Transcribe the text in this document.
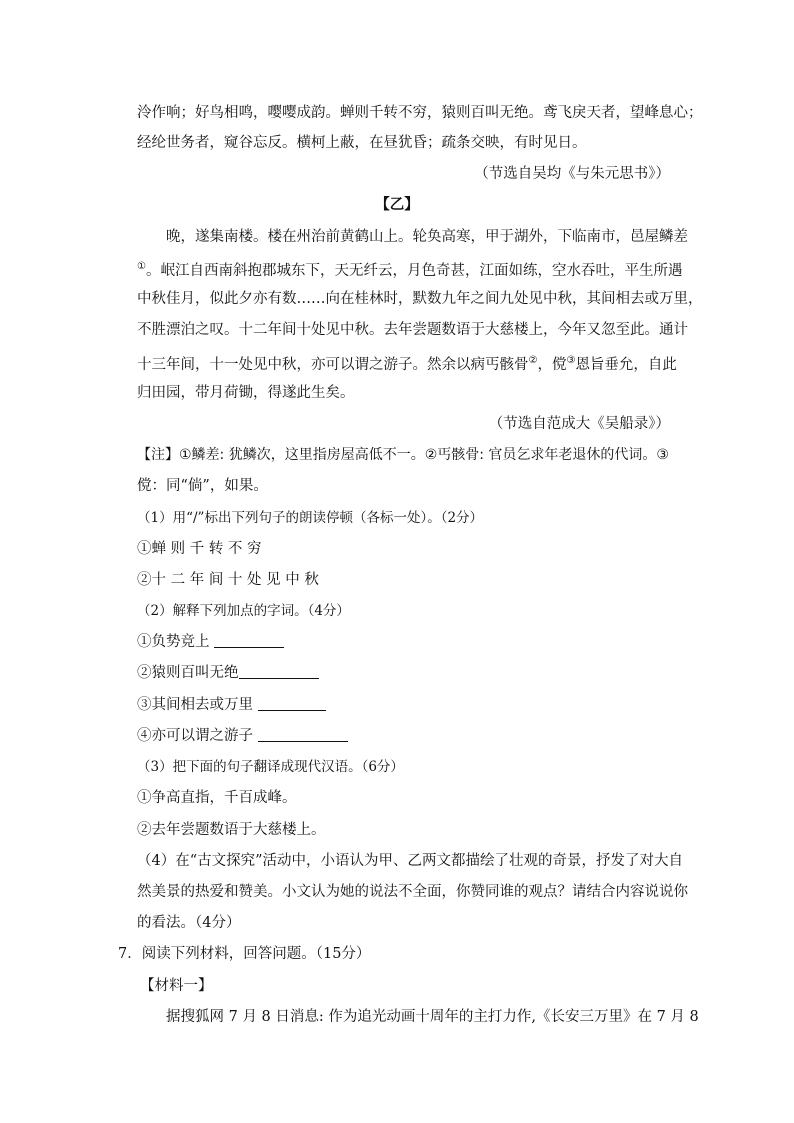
泠作响；好鸟相鸣，嘤嘤成韵。蝉则千转不穷，猿则百叫无绝。鸢飞戾天者，望峰息心；
经纶世务者，窥谷忘反。横柯上蔽，在昼犹昏；疏条交映，有时见日。
（节选自吴均《与朱元思书》）
【乙】
晚，遂集南楼。楼在州治前黄鹤山上。轮奂高寒，甲于湖外，下临南市，邑屋鳞差
①。岷江自西南斜抱郡城东下，天无纤云，月色奇甚，江面如练，空水吞吐，平生所遇
中秋佳月，似此夕亦有数……向在桂林时，默数九年之间九处见中秋，其间相去或万里，
不胜漂泊之叹。十二年间十处见中秋。去年尝题数语于大慈楼上，今年又忽至此。通计
十三年间，十一处见中秋，亦可以谓之游子。然余以病丐骸骨②，傥③恩旨垂允，自此
归田园，带月荷锄，得遂此生矣。
（节选自范成大《吴船录》）
【注】①鳞差: 犹鳞次，这里指房屋高低不一。②丐骸骨: 官员乞求年老退休的代词。③
傥：同“倘”，如果。
（1）用“/”标出下列句子的朗读停顿（各标一处）。（2分）
①蝉 则 千 转 不 穷
②十 二 年 间 十 处 见 中 秋
（2）解释下列加点的字词。（4分）
①负势竞上
②猿则百叫无绝
③其间相去或万里
④亦可以谓之游子
（3）把下面的句子翻译成现代汉语。（6分）
①争高直指，千百成峰。
②去年尝题数语于大慈楼上。
（4）在“古文探究”活动中，小语认为甲、乙两文都描绘了壮观的奇景，抒发了对大自
然美景的热爱和赞美。小文认为她的说法不全面，你赞同谁的观点？请结合内容说说你
的看法。（4分）
7．阅读下列材料，回答问题。（15分）
【材料一】
据搜狐网 7 月 8 日消息: 作为追光动画十周年的主打力作,《长安三万里》在 7 月 8
